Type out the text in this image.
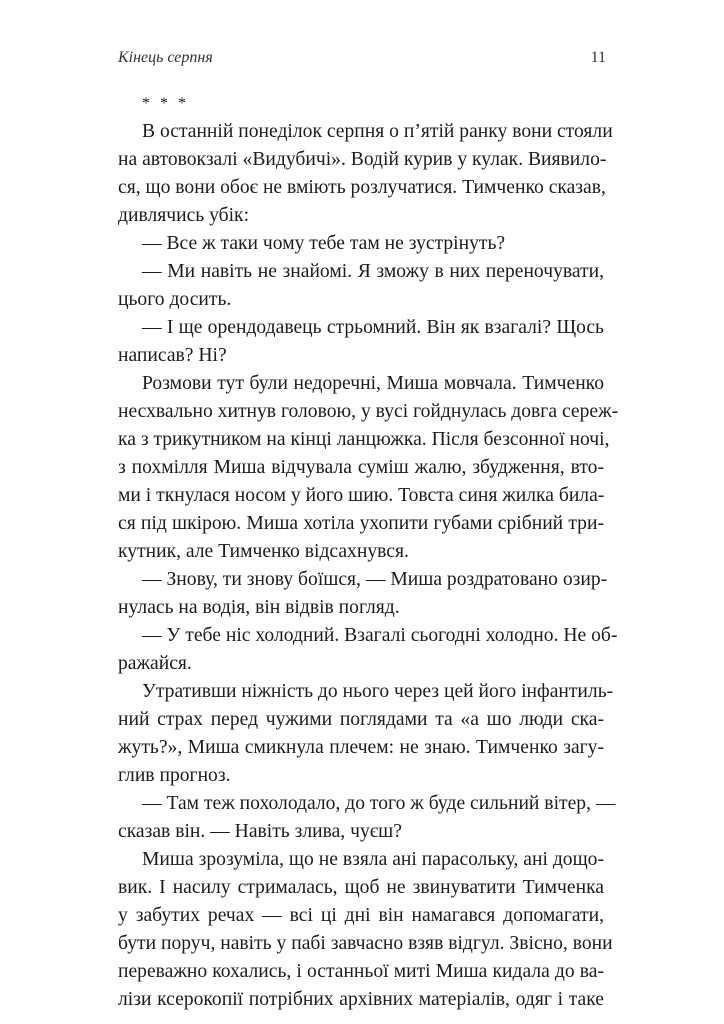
Кінець серпня	11
* * *
В останній понеділок серпня о п’ятій ранку вони стояли
на автовокзалі «Видубичі». Водій курив у кулак. Виявило-
ся, що вони обоє не вміють розлучатися. Тимченко сказав,
дивлячись убік:
— Все ж таки чому тебе там не зустрінуть?
— Ми навіть не знайомі. Я зможу в них переночувати,
цього досить.
— І ще орендодавець стрьомний. Він як взагалі? Щось
написав? Ні?
Розмови тут були недоречні, Миша мовчала. Тимченко
несхвально хитнув головою, у вусі гойднулась довга сереж-
ка з трикутником на кінці ланцюжка. Після безсонної ночі,
з похмілля Миша відчувала суміш жалю, збудження, вто-
ми і ткнулася носом у його шию. Товста синя жилка билa-
ся під шкірою. Миша хотіла ухопити губами срібний три-
кутник, але Тимченко відсахнувся.
— Знову, ти знову боїшся, — Миша роздратовано озир-
нулась на водія, він відвів погляд.
— У тебе ніс холодний. Взагалі сьогодні холодно. Не об-
ражайся.
Утративши ніжність до нього через цей його інфантиль-
ний страх перед чужими поглядами та «а шо люди ска-
жуть?», Миша смикнула плечем: не знаю. Тимченко загу-
глив прогноз.
— Там теж похолодало, до того ж буде сильний вітер, —
сказав він. — Навіть злива, чуєш?
Миша зрозуміла, що не взяла ані парасольку, ані дощо-
вик. І насилу стрималась, щоб не звинуватити Тимченка
у забутих речах — всі ці дні він намагався допомагати,
бути поруч, навіть у пабі завчасно взяв відгул. Звісно, вони
переважно кохались, і останньої миті Миша кидала до ва-
лізи ксерокопії потрібних архівних матеріалів, одяг і таке
